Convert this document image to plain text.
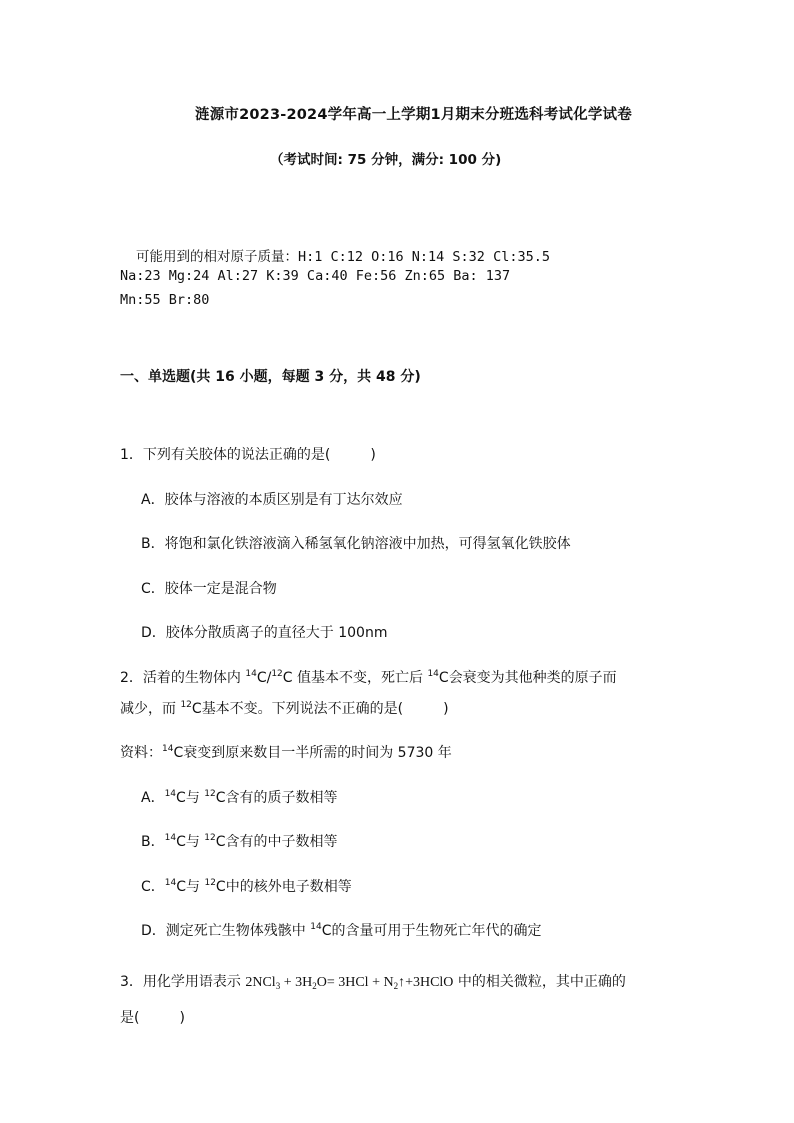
涟源市2023-2024学年高一上学期1月期末分班选科考试化学试卷
（考试时间: 75 分钟，满分: 100 分)
可能用到的相对原子质量：H:1 C:12 O:16 N:14 S:32 Cl:35.5
Na:23 Mg:24 Al:27 K:39 Ca:40 Fe:56 Zn:65 Ba: 137
Mn:55 Br:80
一、单选题(共 16 小题，每题 3 分，共 48 分)
1．下列有关胶体的说法正确的是(	)
A．胶体与溶液的本质区别是有丁达尔效应
B．将饱和氯化铁溶液滴入稀氢氧化钠溶液中加热，可得氢氧化铁胶体
C．胶体一定是混合物
D．胶体分散质离子的直径大于 100nm
2．活着的生物体内 $^{14}$C/$^{12}$C 值基本不变，死亡后 $^{14}$C会衰变为其他种类的原子而
减少，而 $^{12}$C基本不变。下列说法不正确的是(	)
资料：$^{14}$C衰变到原来数目一半所需的时间为 5730 年
A．$^{14}$C与 $^{12}$C含有的质子数相等
B．$^{14}$C与 $^{12}$C含有的中子数相等
C．$^{14}$C与 $^{12}$C中的核外电子数相等
D．测定死亡生物体残骸中 $^{14}$C的含量可用于生物死亡年代的确定
3．用化学用语表示 $2NCl_3 + 3H_2O= 3HCl$ + $N_2↑+3HClO$ 中的相关微粒，其中正确的
是(	)
